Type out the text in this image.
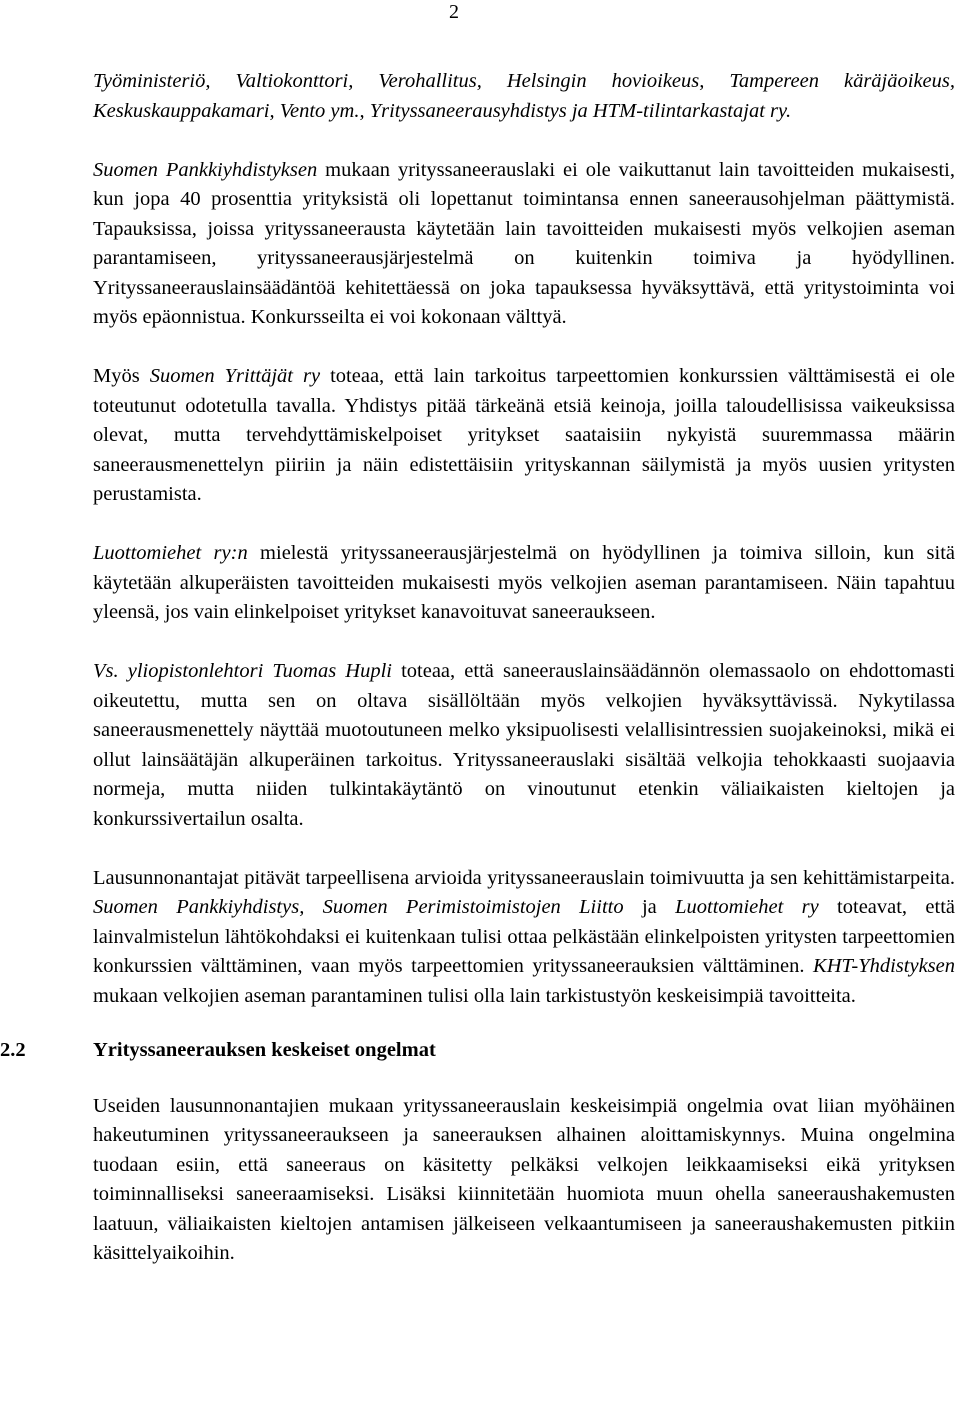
2

Työministeriö, Valtiokonttori, Verohallitus, Helsingin hovioikeus, Tampereen käräjäoikeus, Keskuskauppakamari, Vento ym., Yrityssaneerausyhdistys ja HTM-tilintarkastajat ry.

Suomen Pankkiyhdistyksen mukaan yrityssaneerauslaki ei ole vaikuttanut lain tavoitteiden mukaisesti, kun jopa 40 prosenttia yrityksistä oli lopettanut toimintansa ennen saneerausohjelman päättymistä. Tapauksissa, joissa yrityssaneerausta käytetään lain tavoitteiden mukaisesti myös velkojien aseman parantamiseen, yrityssaneerausjärjestelmä on kuitenkin toimiva ja hyödyllinen. Yrityssaneerauslainsäädäntöä kehitettäessä on joka tapauksessa hyväksyttävä, että yritystoiminta voi myös epäonnistua. Konkursseilta ei voi kokonaan välttyä.

Myös Suomen Yrittäjät ry toteaa, että lain tarkoitus tarpeettomien konkurssien välttämisestä ei ole toteutunut odotetulla tavalla. Yhdistys pitää tärkeänä etsiä keinoja, joilla taloudellisissa vaikeuksissa olevat, mutta tervehdyttämiskelpoiset yritykset saataisiin nykyistä suuremmassa määrin saneerausmenettelyn piiriin ja näin edistettäisiin yrityskannan säilymistä ja myös uusien yritysten perustamista.

Luottomiehet ry:n mielestä yrityssaneerausjärjestelmä on hyödyllinen ja toimiva silloin, kun sitä käytetään alkuperäisten tavoitteiden mukaisesti myös velkojien aseman parantamiseen. Näin tapahtuu yleensä, jos vain elinkelpoiset yritykset kanavoituvat saneeraukseen.

Vs. yliopistonlehtori Tuomas Hupli toteaa, että saneerauslainsäädännön olemassaolo on ehdottomasti oikeutettu, mutta sen on oltava sisällöltään myös velkojien hyväksyttävissä. Nykytilassa saneerausmenettely näyttää muotoutuneen melko yksipuolisesti velallisintressien suojakeinoksi, mikä ei ollut lainsäätäjän alkuperäinen tarkoitus. Yrityssaneerauslaki sisältää velkojia tehokkaasti suojaavia normeja, mutta niiden tulkintakäytäntö on vinoutunut etenkin väliaikaisten kieltojen ja konkurssivertailun osalta.

Lausunnonantajat pitävät tarpeellisena arvioida yrityssaneerauslain toimivuutta ja sen kehittämistarpeita. Suomen Pankkiyhdistys, Suomen Perimistoimistojen Liitto ja Luottomiehet ry toteavat, että lainvalmistelun lähtökohdaksi ei kuitenkaan tulisi ottaa pelkästään elinkelpoisten yritysten tarpeettomien konkurssien välttäminen, vaan myös tarpeettomien yrityssaneerauksien välttäminen. KHT-Yhdistyksen mukaan velkojien aseman parantaminen tulisi olla lain tarkistustyön keskeisimpiä tavoitteita.

2.2	Yrityssaneerauksen keskeiset ongelmat

Useiden lausunnonantajien mukaan yrityssaneerauslain keskeisimpiä ongelmia ovat liian myöhäinen hakeutuminen yrityssaneeraukseen ja saneerauksen alhainen aloittamiskynnys. Muina ongelmina tuodaan esiin, että saneeraus on käsitetty pelkäksi velkojen leikkaamiseksi eikä yrityksen toiminnalliseksi saneeraamiseksi. Lisäksi kiinnitetään huomiota muun ohella saneeraushakemusten laatuun, väliaikaisten kieltojen antamisen jälkeiseen velkaantumiseen ja saneeraushakemusten pitkiin käsittelyaikoihin.
